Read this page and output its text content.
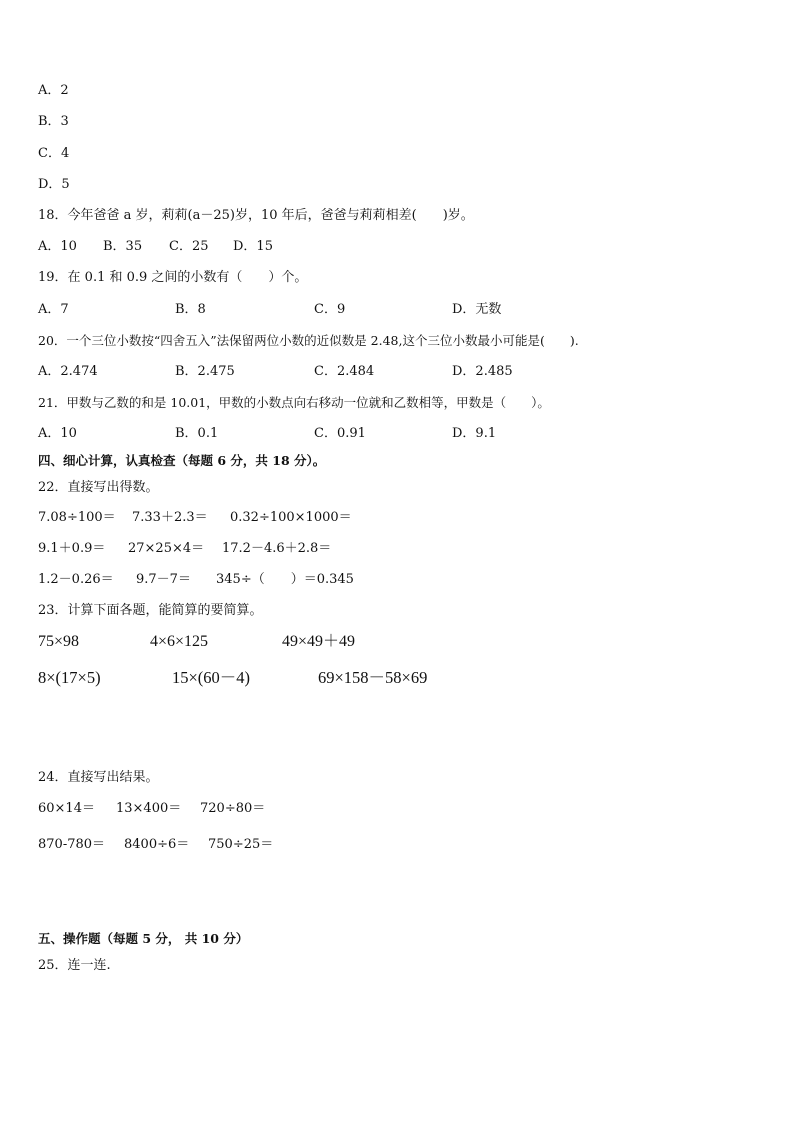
A．2
B．3
C．4
D．5
18．今年爸爸 a 岁，莉莉(a－25)岁，10 年后，爸爸与莉莉相差(　　)岁。
A．10 B．35 C．25 D．15
19．在 0.1 和 0.9 之间的小数有（　　）个。
A．7	B．8	C．9	D．无数
20．一个三位小数按“四舍五入”法保留两位小数的近似数是 2.48,这个三位小数最小可能是(　　).
A．2.474	B．2.475	C．2.484	D．2.485
21．甲数与乙数的和是 10.01，甲数的小数点向右移动一位就和乙数相等，甲数是（　　）。
A．10	B．0.1	C．0.91	D．9.1
四、细心计算，认真检查（每题 6 分，共 18 分）。
22．直接写出得数。
7.08÷100＝ 7.33＋2.3＝ 0.32÷100×1000＝
9.1＋0.9＝ 27×25×4＝ 17.2－4.6＋2.8＝
1.2－0.26＝ 9.7－7＝ 345÷（　　）＝0.345
23．计算下面各题，能简算的要简算。
75×98	4×6×125	49×49＋49
8×(17×5)	15×(60－4)	69×158－58×69
24．直接写出结果。
60×14＝ 13×400＝ 720÷80＝
870-780＝ 8400÷6＝ 750÷25＝
五、操作题（每题 5 分， 共 10 分）
25．连一连.
